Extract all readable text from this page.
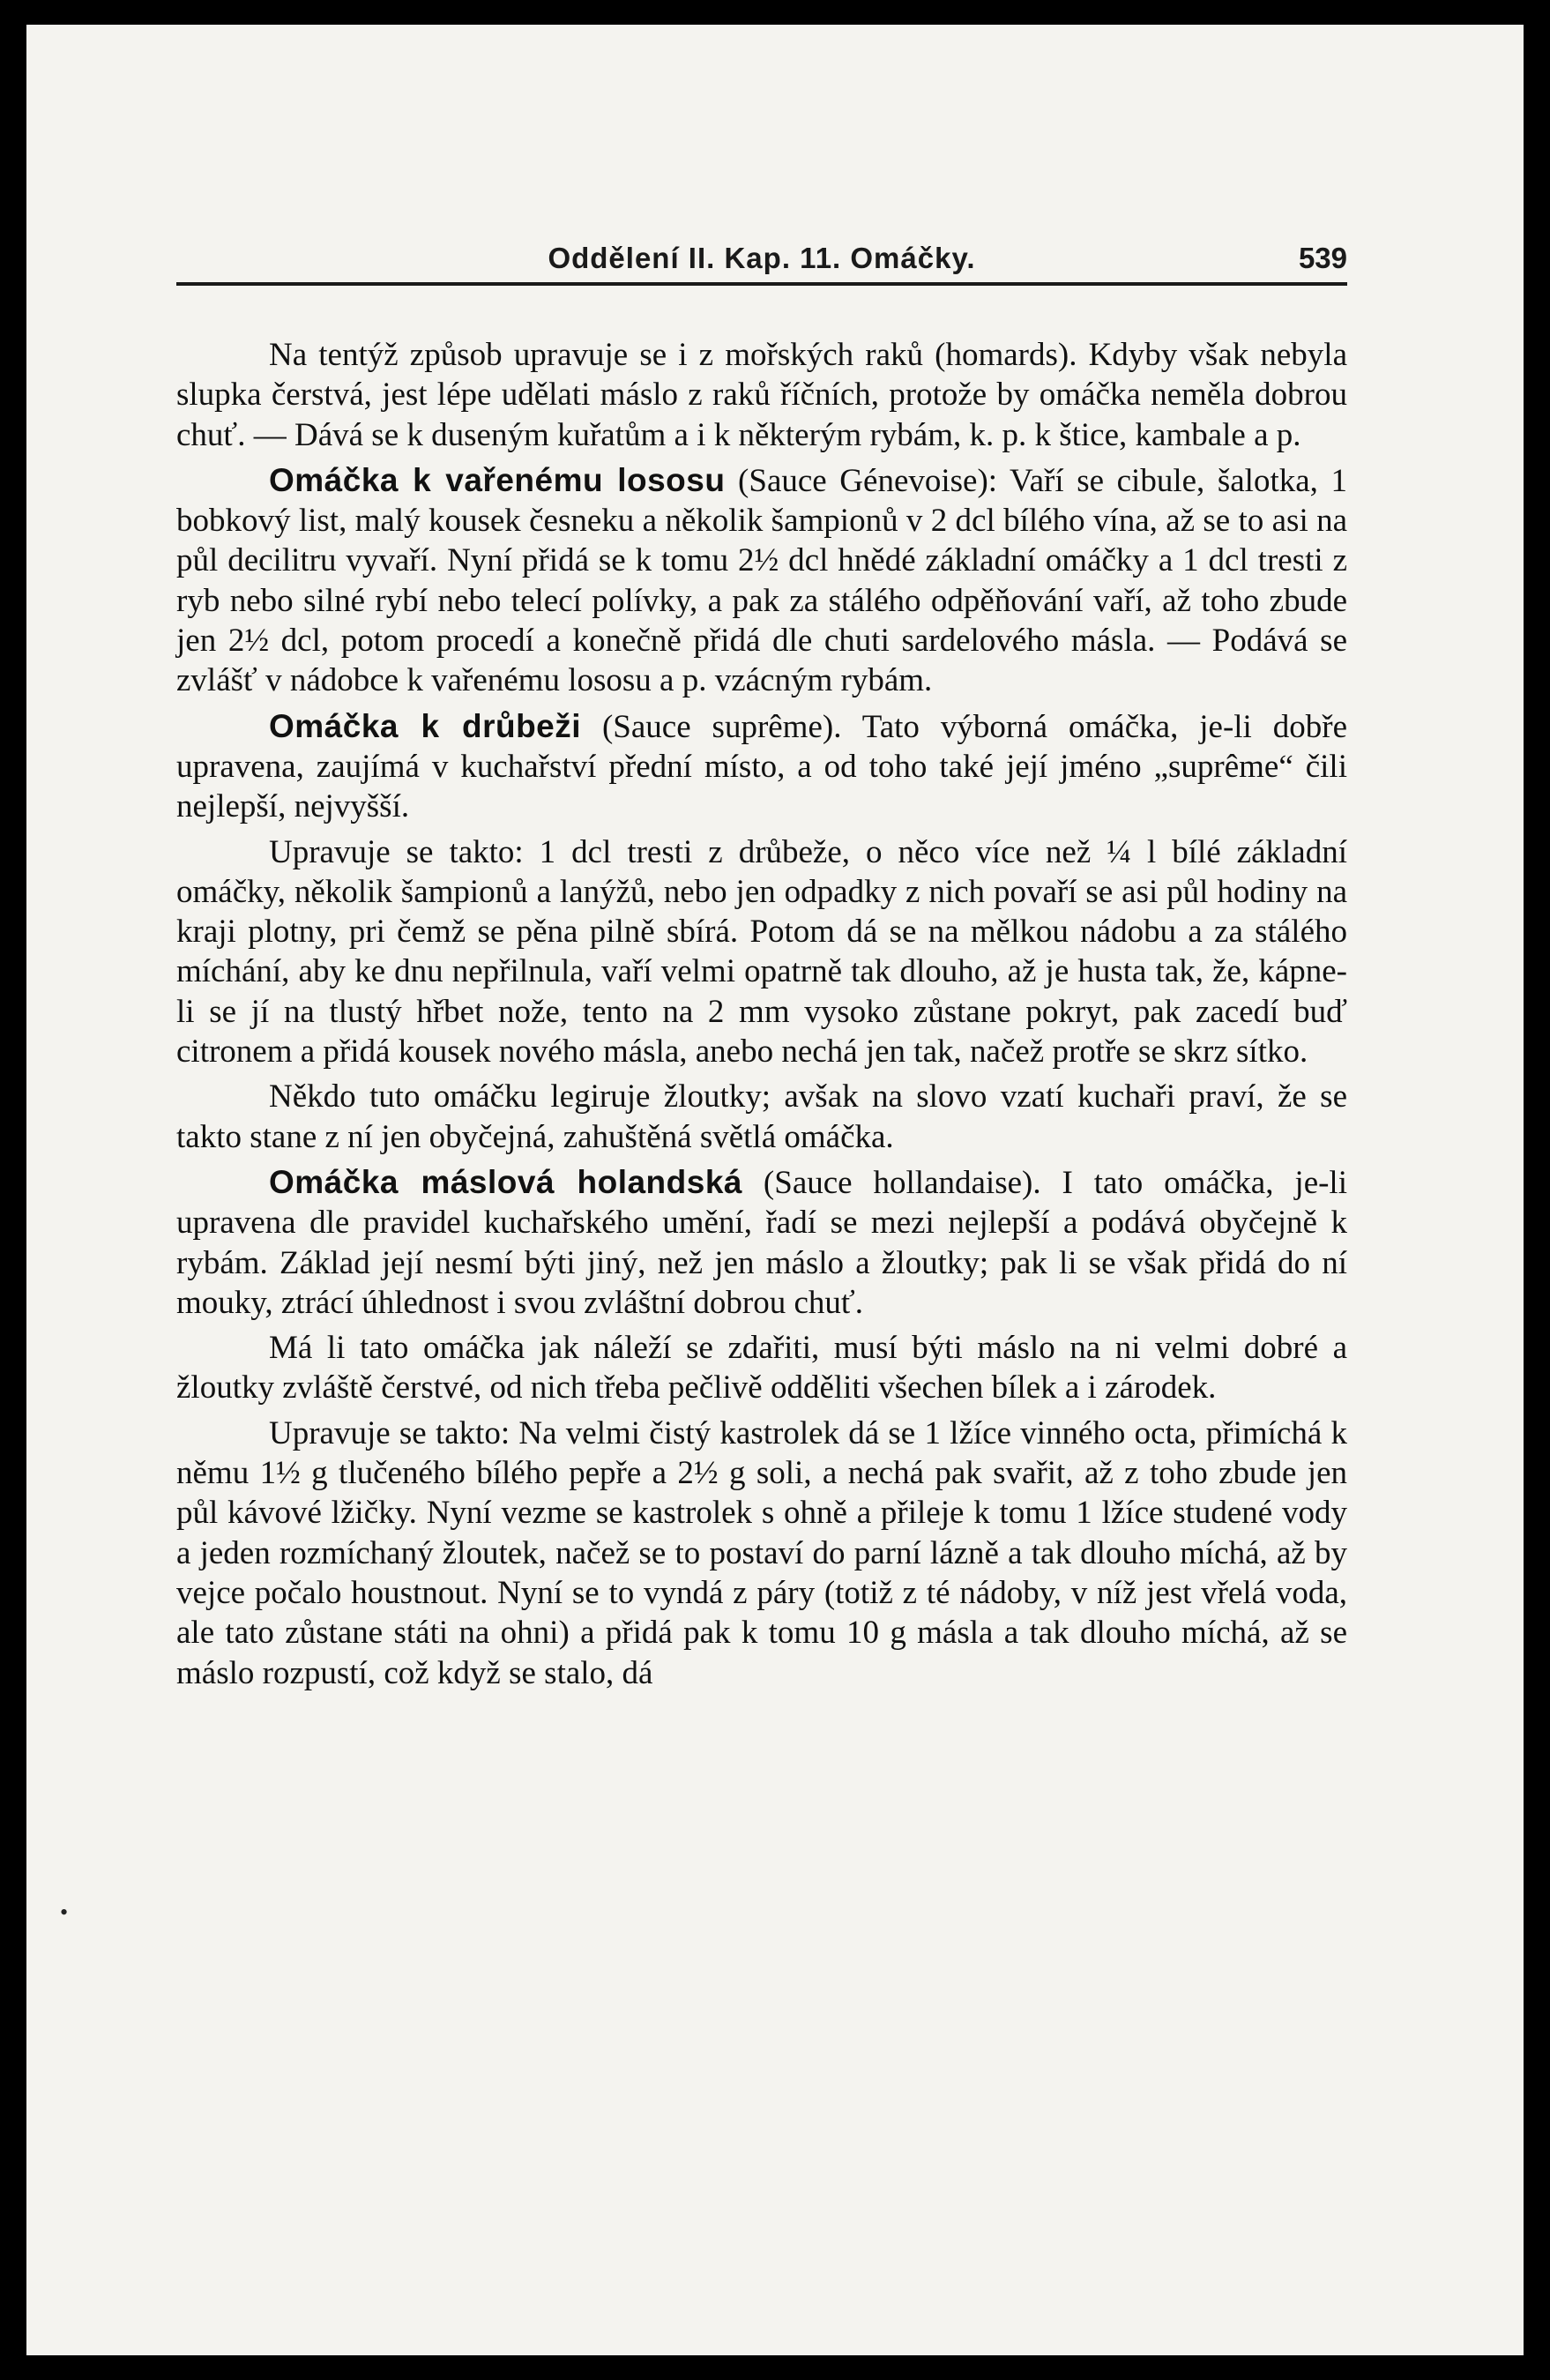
Oddělení II. Kap. 11. Omáčky.	539

Na tentýž způsob upravuje se i z mořských raků (homards). Kdyby však nebyla slupka čerstvá, jest lépe udělati máslo z raků říčních, protože by omáčka neměla dobrou chuť. — Dává se k duseným kuřatům a i k některým rybám, k. p. k štice, kambale a p.

Omáčka k vařenému lososu (Sauce Génevoise): Vaří se cibule, šalotka, 1 bobkový list, malý kousek česneku a několik šampionů v 2 dcl bílého vína, až se to asi na půl decilitru vyvaří. Nyní přidá se k tomu 2½ dcl hnědé základní omáčky a 1 dcl tresti z ryb nebo silné rybí nebo telecí polívky, a pak za stálého odpěňování vaří, až toho zbude jen 2½ dcl, potom procedí a konečně přidá dle chuti sardelového másla. — Podává se zvlášť v nádobce k vařenému lososu a p. vzácným rybám.

Omáčka k drůbeži (Sauce suprême). Tato výborná omáčka, je-li dobře upravena, zaujímá v kuchařství přední místo, a od toho také její jméno „suprême“ čili nejlepší, nejvyšší.

Upravuje se takto: 1 dcl tresti z drůbeže, o něco více než ¼ l bílé základní omáčky, několik šampionů a lanýžů, nebo jen odpadky z nich povaří se asi půl hodiny na kraji plotny, pri čemž se pěna pilně sbírá. Potom dá se na mělkou nádobu a za stálého míchání, aby ke dnu nepřilnula, vaří velmi opatrně tak dlouho, až je husta tak, že, kápne-li se jí na tlustý hřbet nože, tento na 2 mm vysoko zůstane pokryt, pak zacedí buď citronem a přidá kousek nového másla, anebo nechá jen tak, načež protře se skrz sítko.

Někdo tuto omáčku legiruje žloutky; avšak na slovo vzatí kuchaři praví, že se takto stane z ní jen obyčejná, zahuštěná světlá omáčka.

Omáčka máslová holandská (Sauce hollandaise). I tato omáčka, je-li upravena dle pravidel kuchařského umění, řadí se mezi nejlepší a podává obyčejně k rybám. Základ její nesmí býti jiný, než jen máslo a žloutky; pak li se však přidá do ní mouky, ztrácí úhlednost i svou zvláštní dobrou chuť.

Má li tato omáčka jak náleží se zdařiti, musí býti máslo na ni velmi dobré a žloutky zvláště čerstvé, od nich třeba pečlivě odděliti všechen bílek a i zárodek.

Upravuje se takto: Na velmi čistý kastrolek dá se 1 lžíce vinného octa, přimíchá k němu 1½ g tlučeného bílého pepře a 2½ g soli, a nechá pak svařit, až z toho zbude jen půl kávové lžičky. Nyní vezme se kastrolek s ohně a přileje k tomu 1 lžíce studené vody a jeden rozmíchaný žloutek, načež se to postaví do parní lázně a tak dlouho míchá, až by vejce počalo houstnout. Nyní se to vyndá z páry (totiž z té nádoby, v níž jest vřelá voda, ale tato zůstane státi na ohni) a přidá pak k tomu 10 g másla a tak dlouho míchá, až se máslo rozpustí, což když se stalo, dá

•
